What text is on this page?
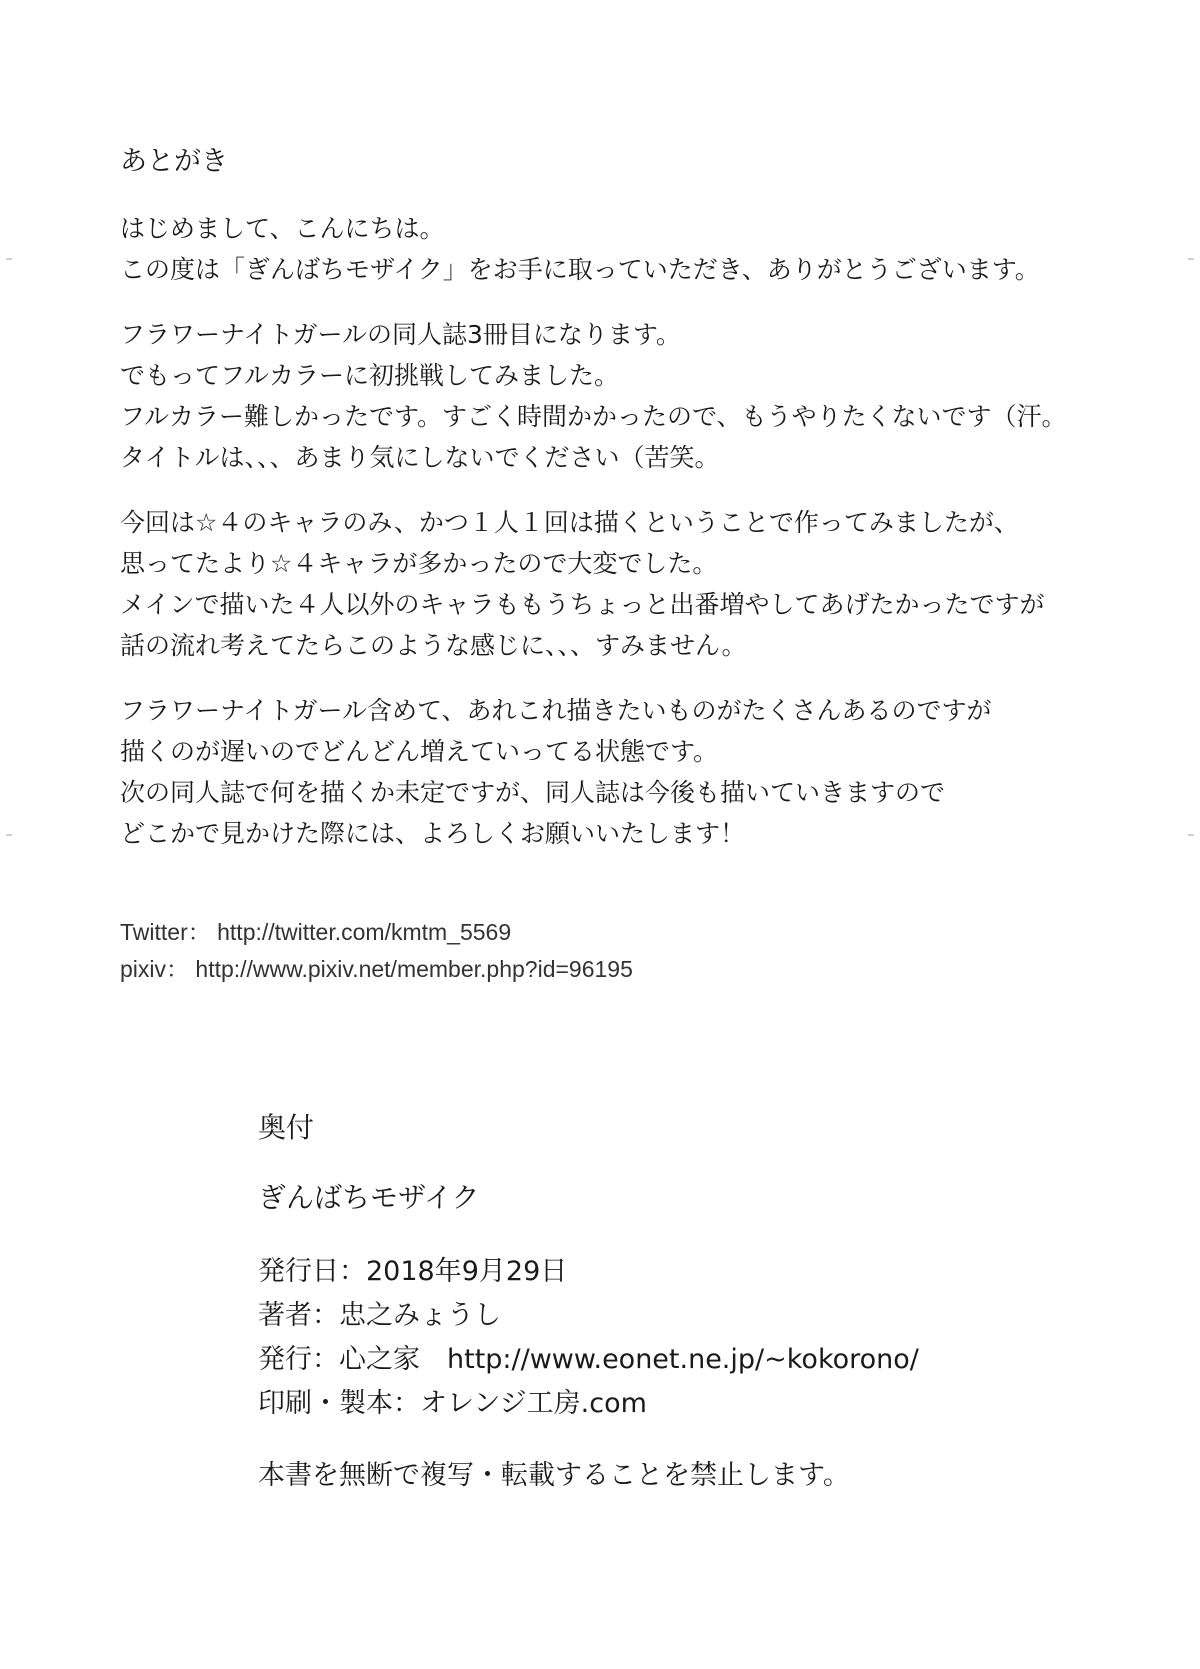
あとがき
はじめまして、こんにちは。
この度は「ぎんばちモザイク」をお手に取っていただき、ありがとうございます。
フラワーナイトガールの同人誌3冊目になります。
でもってフルカラーに初挑戦してみました。
フルカラー難しかったです。すごく時間かかったので、もうやりたくないです（汗。
タイトルは、、、あまり気にしないでください（苦笑。
今回は☆４のキャラのみ、かつ１人１回は描くということで作ってみましたが、
思ってたより☆４キャラが多かったので大変でした。
メインで描いた４人以外のキャラももうちょっと出番増やしてあげたかったですが
話の流れ考えてたらこのような感じに、、、すみません。
フラワーナイトガール含めて、あれこれ描きたいものがたくさんあるのですが
描くのが遅いのでどんどん増えていってる状態です。
次の同人誌で何を描くか未定ですが、同人誌は今後も描いていきますので
どこかで見かけた際には、よろしくお願いいたします！
Twitter： http://twitter.com/kmtm_5569
pixiv： http://www.pixiv.net/member.php?id=96195
奥付
ぎんばちモザイク
発行日：2018年9月29日
著者：忠之みょうし
発行：心之家　http://www.eonet.ne.jp/~kokorono/
印刷・製本：オレンジ工房.com
本書を無断で複写・転載することを禁止します。
